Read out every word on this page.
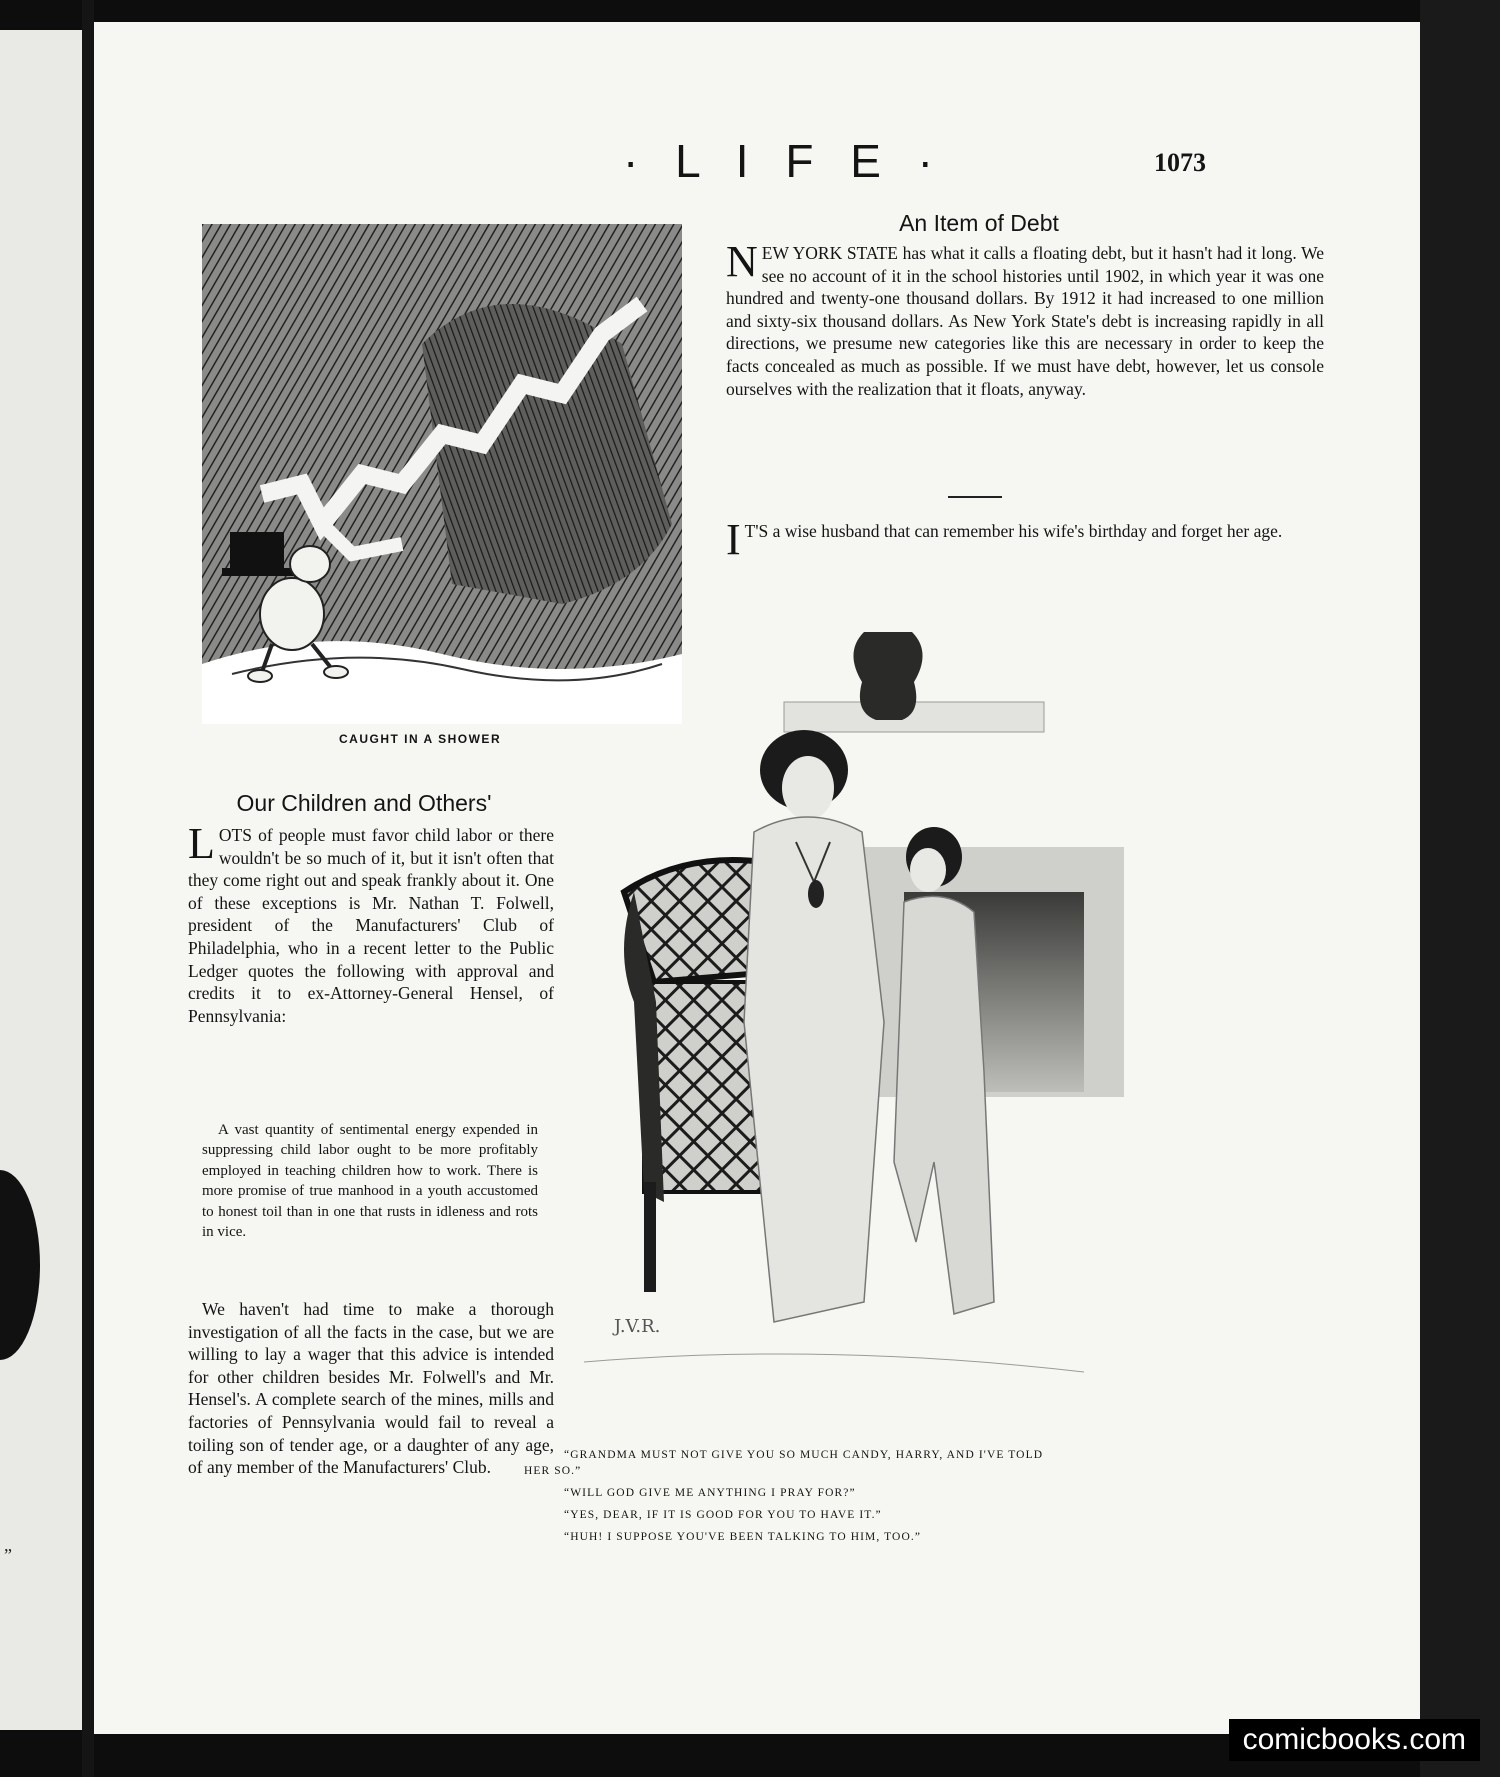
”
· L I F E ·	1073
CAUGHT IN A SHOWER
An Item of Debt
NEW YORK STATE has what it calls a floating debt, but it hasn't had it long. We see no account of it in the school histories until 1902, in which year it was one hundred and twenty-one thousand dollars. By 1912 it had increased to one million and sixty-six thousand dollars. As New York State's debt is increasing rapidly in all directions, we presume new categories like this are necessary in order to keep the facts concealed as much as possible. If we must have debt, however, let us console ourselves with the realization that it floats, anyway.
I T'S a wise husband that can remember his wife's birthday and forget her age.
Our Children and Others'
LOTS of people must favor child labor or there wouldn't be so much of it, but it isn't often that they come right out and speak frankly about it. One of these exceptions is Mr. Nathan T. Folwell, president of the Manufacturers' Club of Philadelphia, who in a recent letter to the Public Ledger quotes the following with approval and credits it to ex-Attorney-General Hensel, of Pennsylvania:
A vast quantity of sentimental energy expended in suppressing child labor ought to be more profitably employed in teaching children how to work. There is more promise of true manhood in a youth accustomed to honest toil than in one that rusts in idleness and rots in vice.
We haven't had time to make a thorough investigation of all the facts in the case, but we are willing to lay a wager that this advice is intended for other children besides Mr. Folwell's and Mr. Hensel's. A complete search of the mines, mills and factories of Pennsylvania would fail to reveal a toiling son of tender age, or a daughter of any age, of any member of the Manufacturers' Club.
J.V.R.
“GRANDMA MUST NOT GIVE YOU SO MUCH CANDY, HARRY, AND I'VE TOLD
HER SO.”
“WILL GOD GIVE ME ANYTHING I PRAY FOR?”
“YES, DEAR, IF IT IS GOOD FOR YOU TO HAVE IT.”
“HUH! I SUPPOSE YOU'VE BEEN TALKING TO HIM, TOO.”
comicbooks.com
